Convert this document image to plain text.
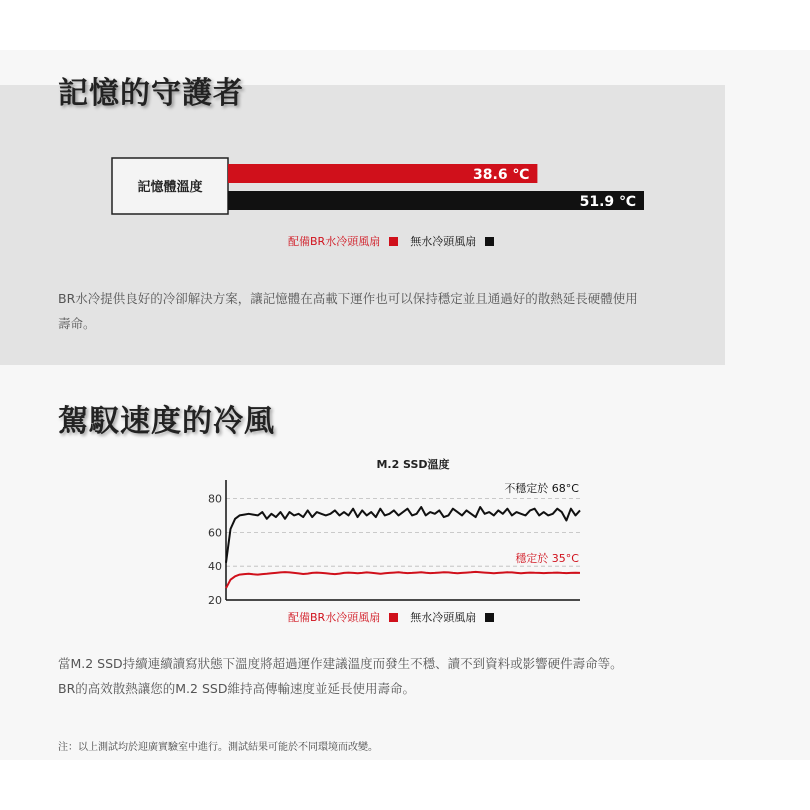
記憶的守護者
記憶體溫度
38.6 ℃
51.9 ℃
配備BR水冷頭風扇	無水冷頭風扇
BR水冷提供良好的冷卻解決方案，讓記憶體在高載下運作也可以保持穩定並且通過好的散熱延長硬體使用壽命。
駕馭速度的冷風
M.2 SSD溫度
20
40
60
80
不穩定於 68°C
穩定於 35°C
配備BR水冷頭風扇	無水冷頭風扇
當M.2 SSD持續連續讀寫狀態下溫度將超過運作建議溫度而發生不穩、讀不到資料或影響硬件壽命等。BR的高效散熱讓您的M.2 SSD維持高傳輸速度並延長使用壽命。
注：以上測試均於迎廣實驗室中進行。測試結果可能於不同環境而改變。
